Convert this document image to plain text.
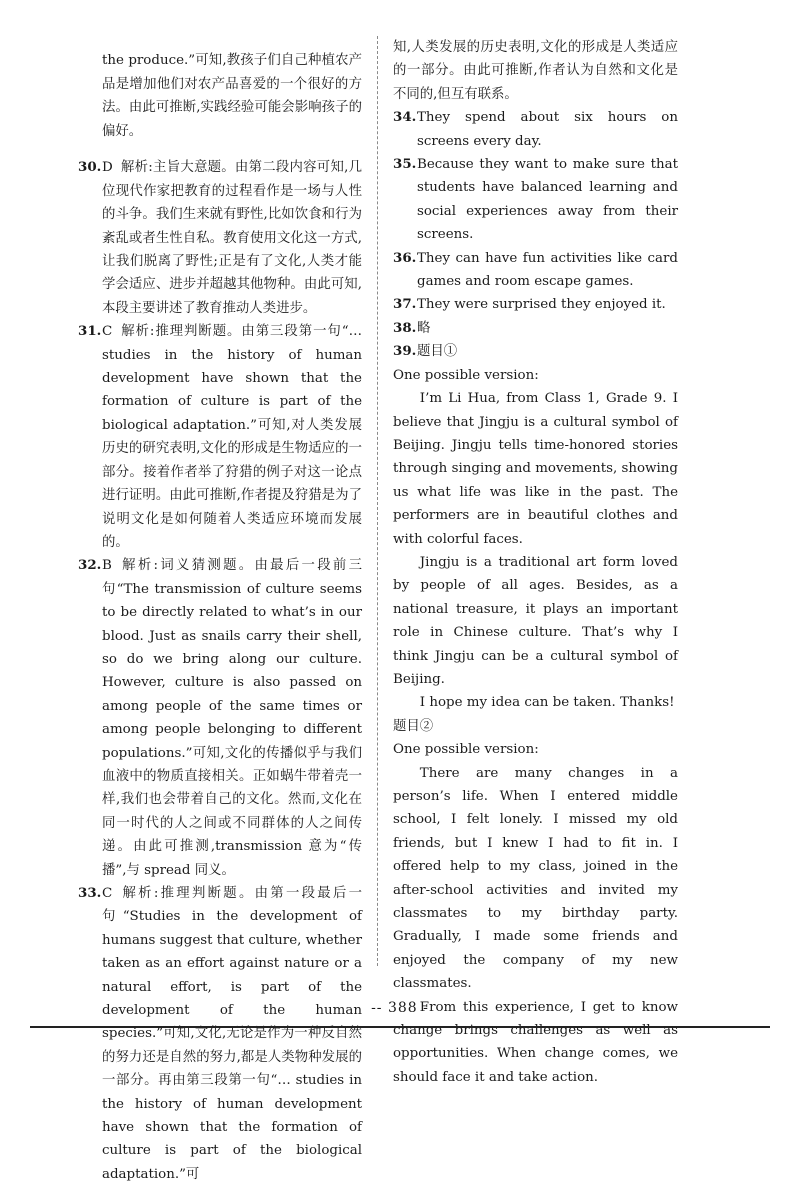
the produce.”可知,教孩子们自己种植农产品是增加他们对农产品喜爱的一个很好的方法。由此可推断,实践经验可能会影响孩子的偏好。

30. D 解析:主旨大意题。由第二段内容可知,几位现代作家把教育的过程看作是一场与人性的斗争。我们生来就有野性,比如饮食和行为紊乱或者生性自私。教育使用文化这一方式,让我们脱离了野性;正是有了文化,人类才能学会适应、进步并超越其他物种。由此可知,本段主要讲述了教育推动人类进步。
31. C 解析:推理判断题。由第三段第一句“… studies in the history of human development have shown that the formation of culture is part of the biological adaptation.”可知,对人类发展历史的研究表明,文化的形成是生物适应的一部分。接着作者举了狩猎的例子对这一论点进行证明。由此可推断,作者提及狩猎是为了说明文化是如何随着人类适应环境而发展的。
32. B 解析:词义猜测题。由最后一段前三句“The transmission of culture seems to be directly related to what’s in our blood. Just as snails carry their shell, so do we bring along our culture. However, culture is also passed on among people of the same times or among people belonging to different populations.”可知,文化的传播似乎与我们血液中的物质直接相关。正如蜗牛带着壳一样,我们也会带着自己的文化。然而,文化在同一时代的人之间或不同群体的人之间传递。由此可推测,transmission 意为“传播”,与 spread 同义。
33. C 解析:推理判断题。由第一段最后一句“Studies in the development of humans suggest that culture, whether taken as an effort against nature or a natural effort, is part of the development of the human species.”可知,文化,无论是作为一种反自然的努力还是自然的努力,都是人类物种发展的一部分。再由第三段第一句“… studies in the history of human development have shown that the formation of culture is part of the biological adaptation.”可

知,人类发展的历史表明,文化的形成是人类适应的一部分。由此可推断,作者认为自然和文化是不同的,但互有联系。

34. They spend about six hours on screens every day.
35. Because they want to make sure that students have balanced learning and social experiences away from their screens.
36. They can have fun activities like card games and room escape games.
37. They were surprised they enjoyed it.
38. 略
39. 题目①

One possible version:

I’m Li Hua, from Class 1, Grade 9. I believe that Jingju is a cultural symbol of Beijing. Jingju tells time-honored stories through singing and movements, showing us what life was like in the past. The performers are in beautiful clothes and with colorful faces.

Jingju is a traditional art form loved by people of all ages. Besides, as a national treasure, it plays an important role in Chinese culture. That’s why I think Jingju can be a cultural symbol of Beijing.

I hope my idea can be taken. Thanks!

题目②

One possible version:

There are many changes in a person’s life. When I entered middle school, I felt lonely. I missed my old friends, but I knew I had to fit in. I offered help to my class, joined in the after-school activities and invited my classmates to my birthday party. Gradually, I made some friends and enjoyed the company of my new classmates.

From this experience, I get to know change brings challenges as well as opportunities. When change comes, we should face it and take action.

-- 388 -
